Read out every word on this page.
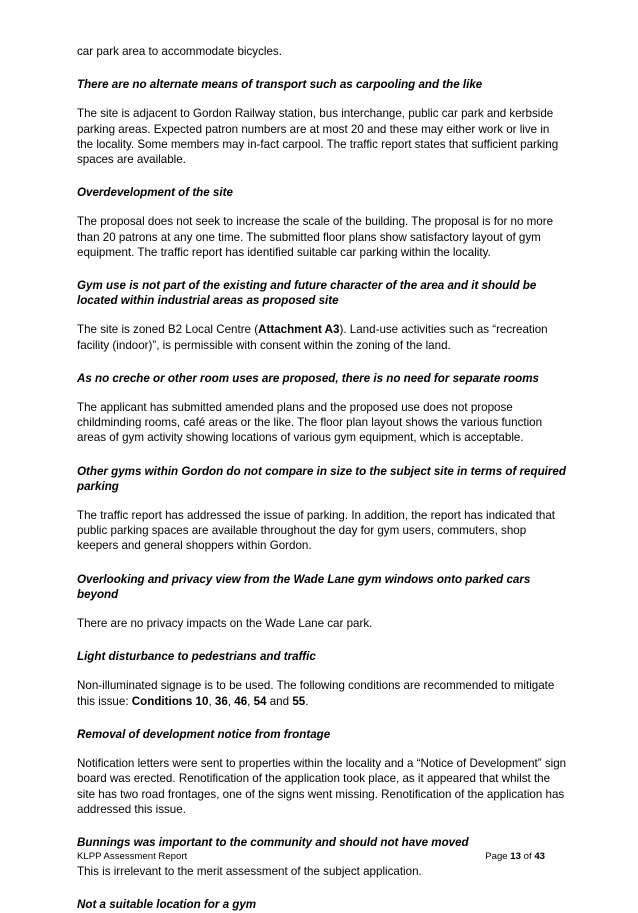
car park area to accommodate bicycles.

There are no alternate means of transport such as carpooling and the like

The site is adjacent to Gordon Railway station, bus interchange, public car park and kerbside parking areas. Expected patron numbers are at most 20 and these may either work or live in the locality. Some members may in-fact carpool. The traffic report states that sufficient parking spaces are available.

Overdevelopment of the site

The proposal does not seek to increase the scale of the building. The proposal is for no more than 20 patrons at any one time. The submitted floor plans show satisfactory layout of gym equipment. The traffic report has identified suitable car parking within the locality.

Gym use is not part of the existing and future character of the area and it should be located within industrial areas as proposed site

The site is zoned B2 Local Centre (Attachment A3). Land-use activities such as “recreation facility (indoor)”, is permissible with consent within the zoning of the land.

As no creche or other room uses are proposed, there is no need for separate rooms

The applicant has submitted amended plans and the proposed use does not propose childminding rooms, café areas or the like. The floor plan layout shows the various function areas of gym activity showing locations of various gym equipment, which is acceptable.

Other gyms within Gordon do not compare in size to the subject site in terms of required parking

The traffic report has addressed the issue of parking. In addition, the report has indicated that public parking spaces are available throughout the day for gym users, commuters, shop keepers and general shoppers within Gordon.

Overlooking and privacy view from the Wade Lane gym windows onto parked cars beyond

There are no privacy impacts on the Wade Lane car park.

Light disturbance to pedestrians and traffic

Non-illuminated signage is to be used. The following conditions are recommended to mitigate this issue: Conditions 10, 36, 46, 54 and 55.

Removal of development notice from frontage

Notification letters were sent to properties within the locality and a “Notice of Development” sign board was erected. Renotification of the application took place, as it appeared that whilst the site has two road frontages, one of the signs went missing. Renotification of the application has addressed this issue.

Bunnings was important to the community and should not have moved

This is irrelevant to the merit assessment of the subject application.

Not a suitable location for a gym

KLPP Assessment Report	Page 13 of 43
